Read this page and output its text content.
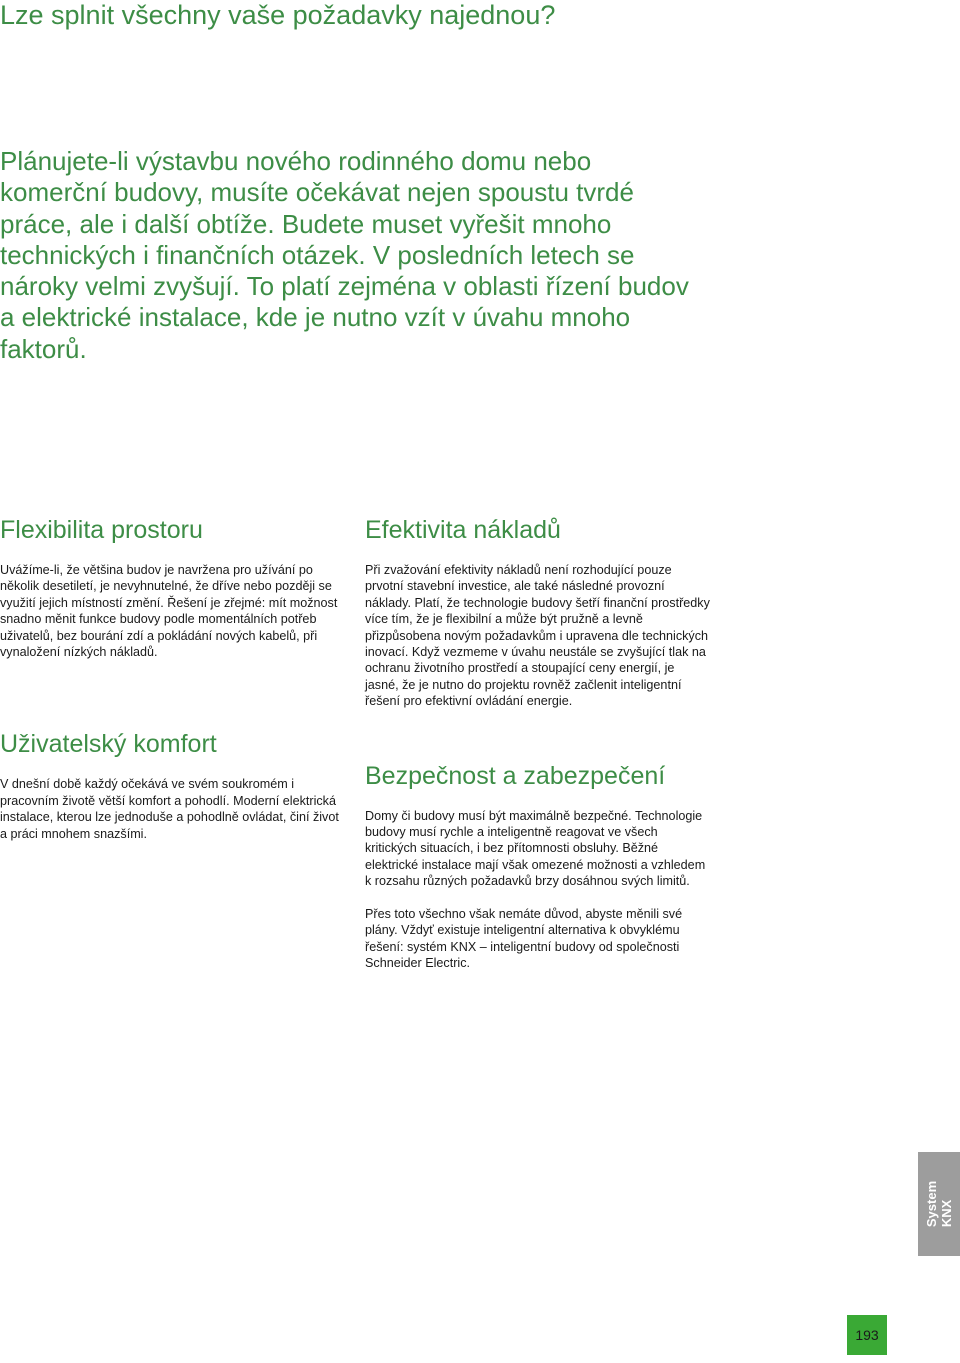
Lze splnit všechny vaše požadavky najednou?

Plánujete-li výstavbu nového rodinného domu nebo komerční budovy, musíte očekávat nejen spoustu tvrdé práce, ale i další obtíže. Budete muset vyřešit mnoho technických i finančních otázek. V posledních letech se nároky velmi zvyšují. To platí zejména v oblasti řízení budov a elektrické instalace, kde je nutno vzít v úvahu mnoho faktorů.

Flexibilita prostoru

Uvážíme-li, že většina budov je navržena pro užívání po několik desetiletí, je nevyhnutelné, že dříve nebo později se využití jejich místností změní. Řešení je zřejmé: mít možnost snadno měnit funkce budovy podle momentálních potřeb uživatelů, bez bourání zdí a pokládání nových kabelů, při vynaložení nízkých nákladů.

Uživatelský komfort

V dnešní době každý očekává ve svém soukromém i pracovním životě větší komfort a pohodlí. Moderní elektrická instalace, kterou lze jednoduše a pohodlně ovládat, činí život a práci mnohem snazšími.

Efektivita nákladů

Při zvažování efektivity nákladů není rozhodující pouze prvotní stavební investice, ale také následné provozní náklady. Platí, že technologie budovy šetří finanční prostředky více tím, že je flexibilní a může být pružně a levně přizpůsobena novým požadavkům i upravena dle technických inovací. Když vezmeme v úvahu neustále se zvyšující tlak na ochranu životního prostředí a stoupající ceny energií, je jasné, že je nutno do projektu rovněž začlenit inteligentní řešení pro efektivní ovládání energie.

Bezpečnost a zabezpečení

Domy či budovy musí být maximálně bezpečné. Technologie budovy musí rychle a inteligentně reagovat ve všech kritických situacích, i bez přítomnosti obsluhy. Běžné elektrické instalace mají však omezené možnosti a vzhledem k rozsahu různých požadavků brzy dosáhnou svých limitů.

Přes toto všechno však nemáte důvod, abyste měnili své plány. Vždyť existuje inteligentní alternativa k obvyklému řešení: systém KNX – inteligentní budovy od společnosti Schneider Electric.

System KNX
193
